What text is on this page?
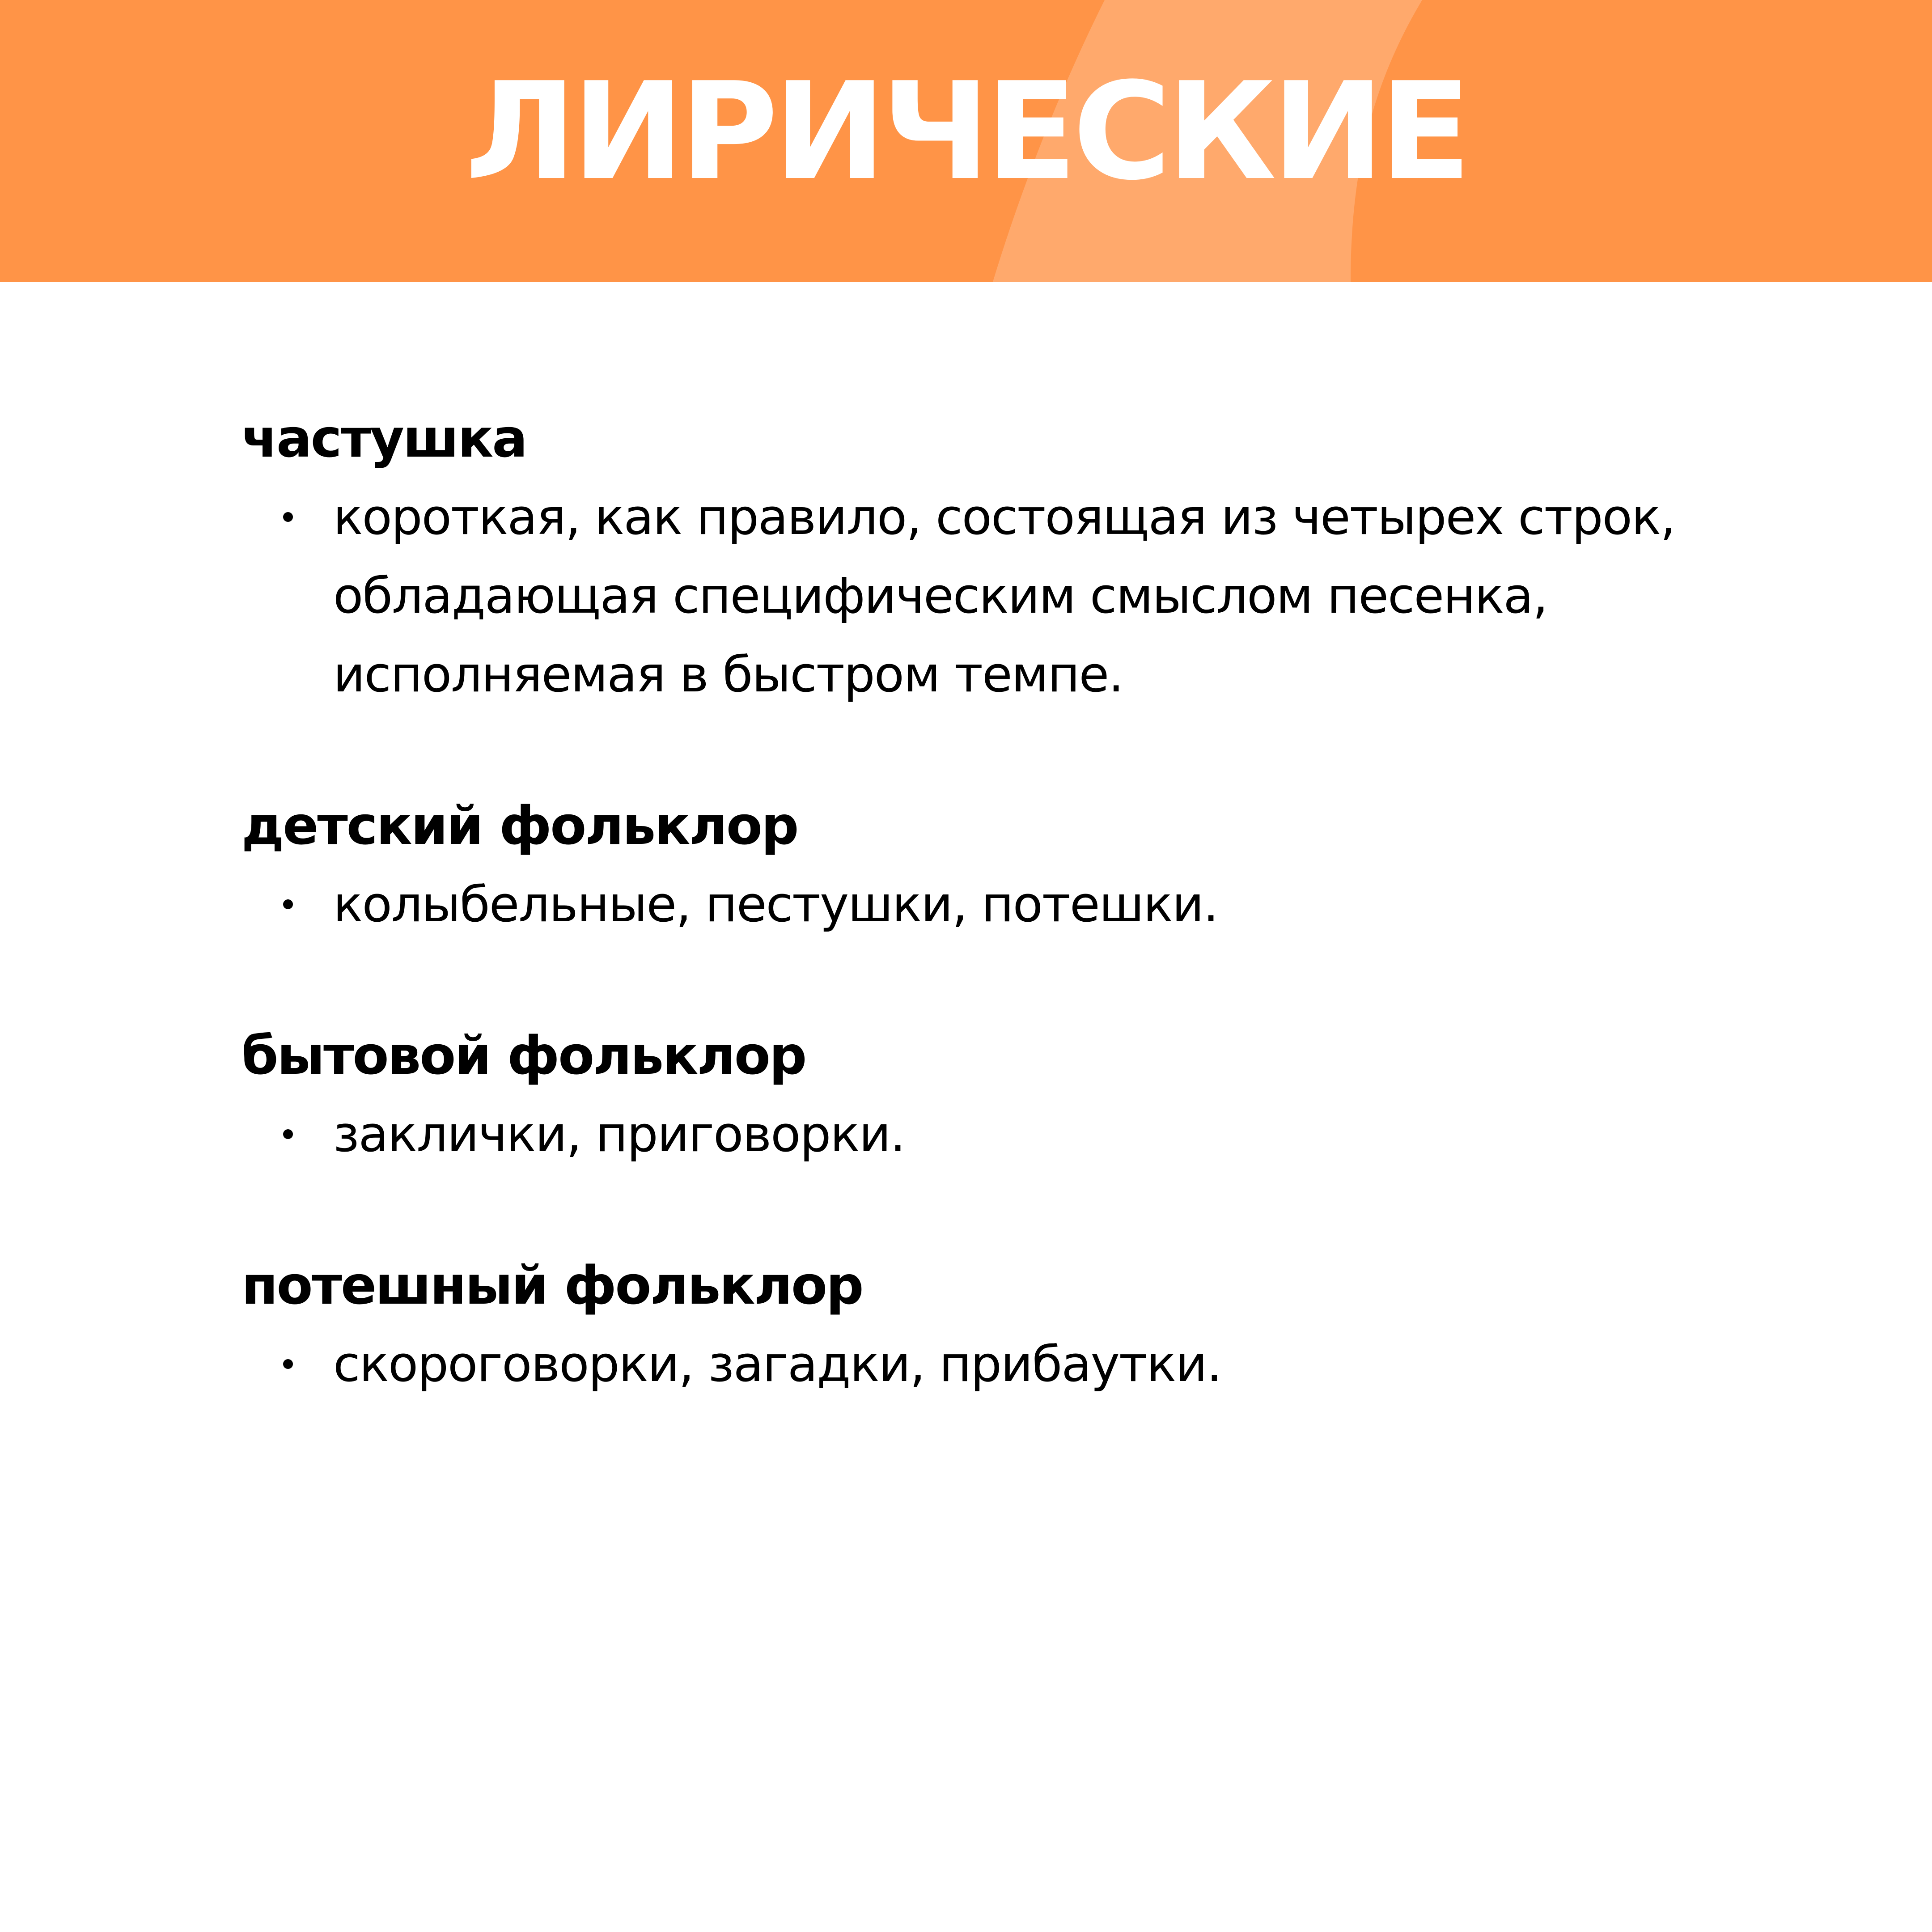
ЛИРИЧЕСКИЕ

частушка

короткая, как правило, состоящая из четырех строк, обладающая специфическим смыслом песенка, исполняемая в быстром темпе.

детский фольклор

колыбельные, пестушки, потешки.

бытовой фольклор

заклички, приговорки.

потешный фольклор

скороговорки, загадки, прибаутки.
